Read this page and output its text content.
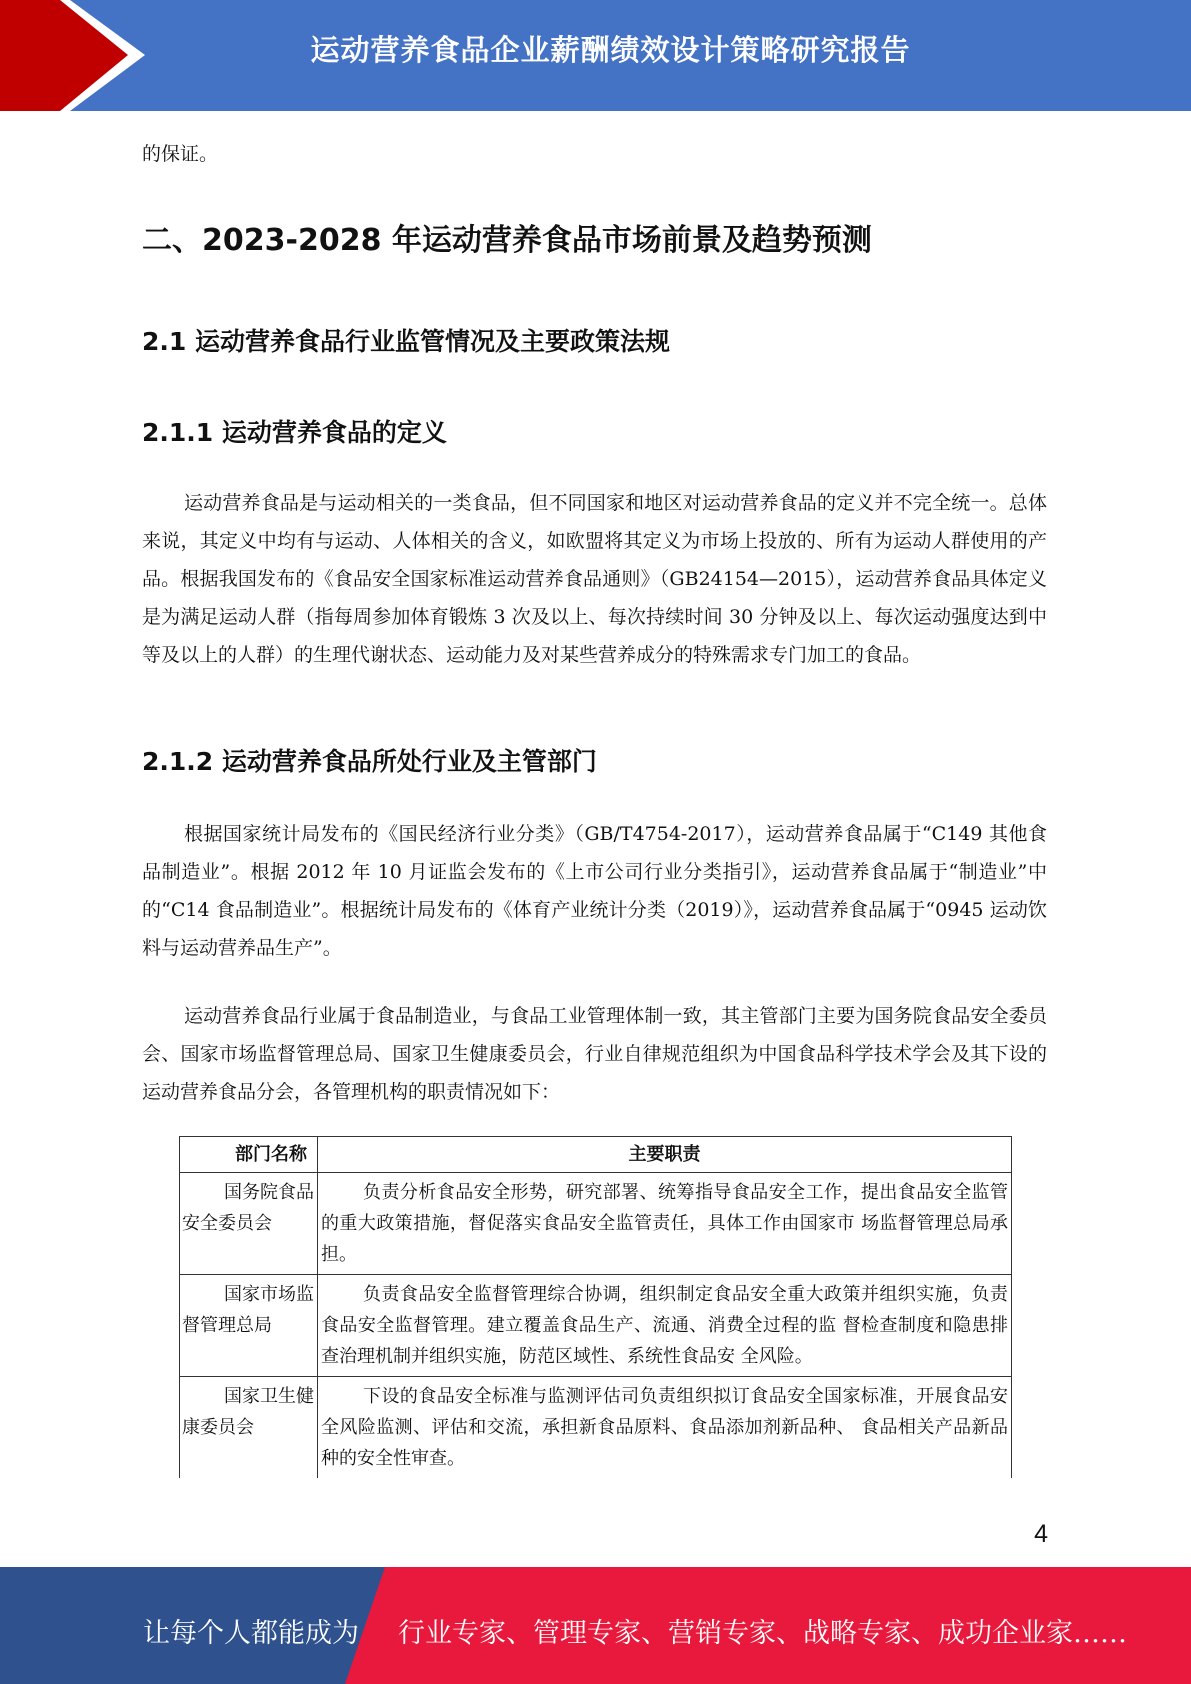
运动营养食品企业薪酬绩效设计策略研究报告
的保证。
二、2023-2028 年运动营养食品市场前景及趋势预测
2.1 运动营养食品行业监管情况及主要政策法规
2.1.1 运动营养食品的定义
运动营养食品是与运动相关的一类食品，但不同国家和地区对运动营养食品的定义并不完全统一。总体来说，其定义中均有与运动、人体相关的含义，如欧盟将其定义为市场上投放的、所有为运动人群使用的产品。根据我国发布的《食品安全国家标准运动营养食品通则》（GB24154—2015），运动营养食品具体定义是为满足运动人群（指每周参加体育锻炼 3 次及以上、每次持续时间 30 分钟及以上、每次运动强度达到中等及以上的人群）的生理代谢状态、运动能力及对某些营养成分的特殊需求专门加工的食品。
2.1.2 运动营养食品所处行业及主管部门
根据国家统计局发布的《国民经济行业分类》（GB/T4754-2017），运动营养食品属于“C149 其他食品制造业”。根据 2012 年 10 月证监会发布的《上市公司行业分类指引》，运动营养食品属于“制造业”中的“C14 食品制造业”。根据统计局发布的《体育产业统计分类（2019）》，运动营养食品属于“0945 运动饮料与运动营养品生产”。
运动营养食品行业属于食品制造业，与食品工业管理体制一致，其主管部门主要为国务院食品安全委员会、国家市场监督管理总局、国家卫生健康委员会，行业自律规范组织为中国食品科学技术学会及其下设的运动营养食品分会，各管理机构的职责情况如下：
部门名称	主要职责
国务院食品 安全委员会	负责分析食品安全形势，研究部署、统筹指导食品安全工作，提出食品安全监管的重大政策措施，督促落实食品安全监管责任，具体工作由国家市 场监督管理总局承担。
国家市场监 督管理总局	负责食品安全监督管理综合协调，组织制定食品安全重大政策并组织实施，负责食品安全监督管理。建立覆盖食品生产、流通、消费全过程的监 督检查制度和隐患排查治理机制并组织实施，防范区域性、系统性食品安 全风险。
国家卫生健 康委员会	下设的食品安全标准与监测评估司负责组织拟订食品安全国家标准，开展食品安全风险监测、评估和交流，承担新食品原料、食品添加剂新品种、 食品相关产品新品种的安全性审查。
4
让每个人都能成为 行业专家、管理专家、营销专家、战略专家、成功企业家……
